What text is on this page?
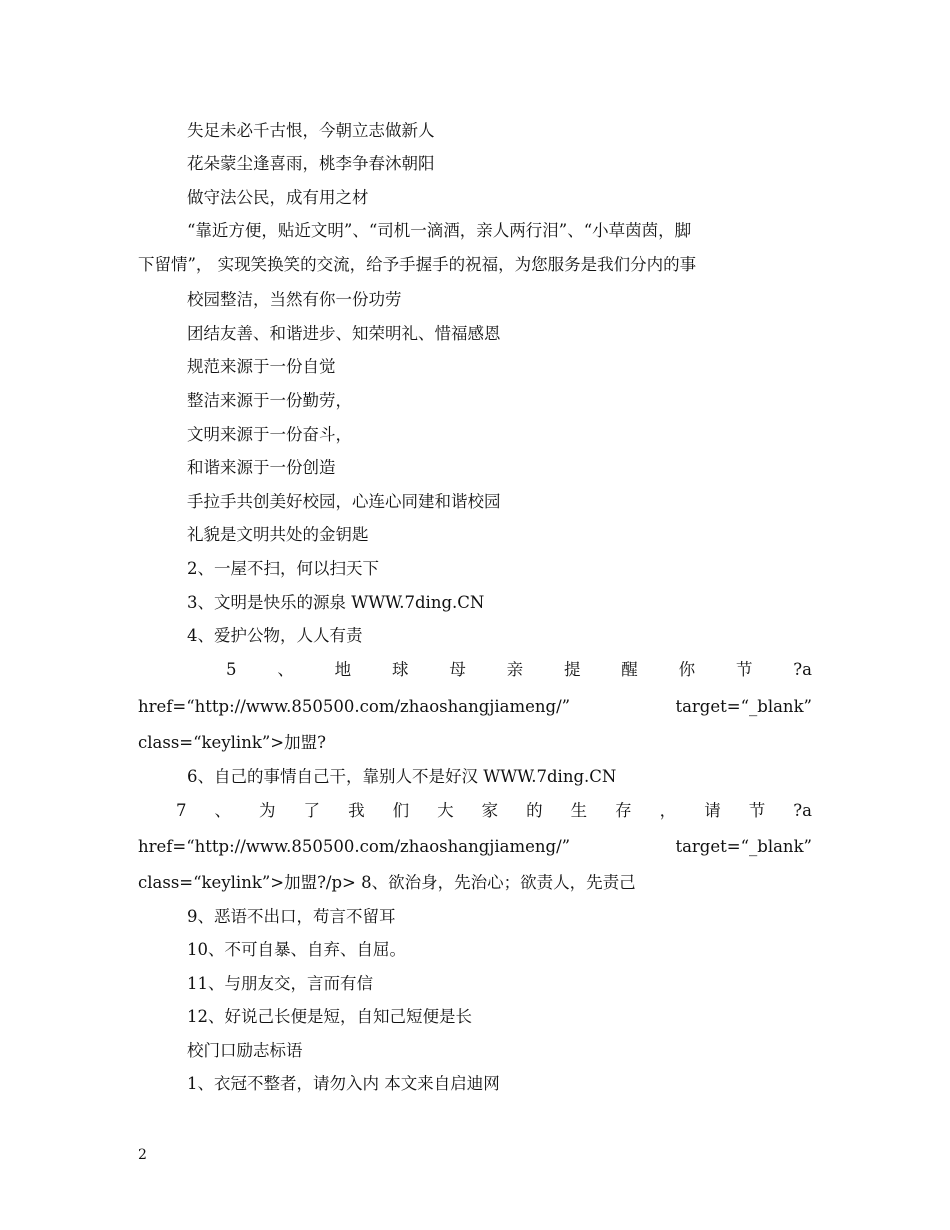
失足未必千古恨，今朝立志做新人
花朵蒙尘逢喜雨，桃李争春沐朝阳
做守法公民，成有用之材
“靠近方便，贴近文明”、“司机一滴酒，亲人两行泪”、“小草茵茵，脚
下留情”， 实现笑换笑的交流，给予手握手的祝福，为您服务是我们分内的事
校园整洁，当然有你一份功劳
团结友善、和谐进步、知荣明礼、惜福感恩
规范来源于一份自觉
整洁来源于一份勤劳，
文明来源于一份奋斗，
和谐来源于一份创造
手拉手共创美好校园，心连心同建和谐校园
礼貌是文明共处的金钥匙
2、一屋不扫，何以扫天下
3、文明是快乐的源泉 WWW.7ding.CN
4、爱护公物，人人有责
5 、 地 球 母 亲 提 醒 你 节 ?a
href=“http://www.850500.com/zhaoshangjiameng/”	target=“_blank”
class=“keylink”>加盟?
6、自己的事情自己干，靠别人不是好汉 WWW.7ding.CN
7 、 为 了 我 们 大 家 的 生 存 ， 请 节 ?a
href=“http://www.850500.com/zhaoshangjiameng/”	target=“_blank”
class=“keylink”>加盟?/p> 8、欲治身，先治心；欲责人，先责己
9、恶语不出口，苟言不留耳
10、不可自暴、自弃、自屈。
11、与朋友交，言而有信
12、好说己长便是短，自知己短便是长
校门口励志标语
1、衣冠不整者，请勿入内 本文来自启迪网
2
